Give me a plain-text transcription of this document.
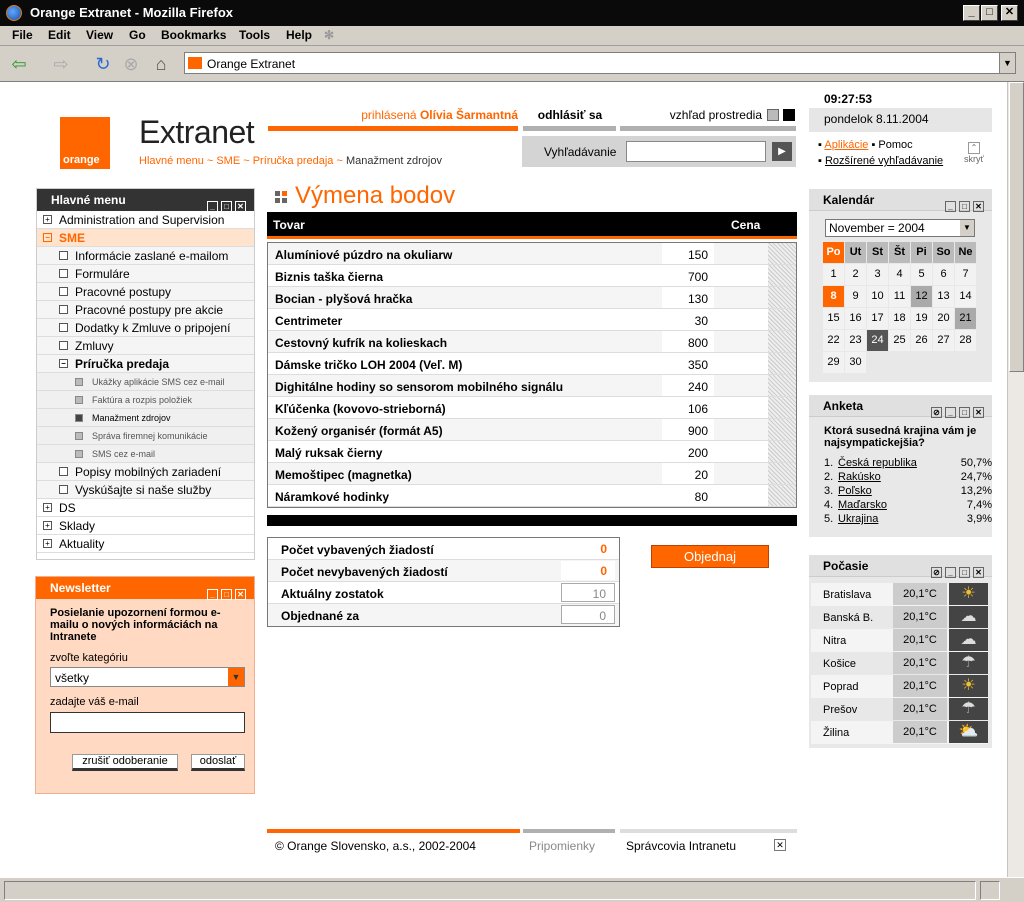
Orange Extranet - Mozilla Firefox	_	□	✕
File Edit View Go Bookmarks Tools Help ✻
⇦ ⇨ ↻ ⊗ ⌂	Orange Extranet	▼
orange
Extranet
Hlavné menu ~ SME ~ Príručka predaja ~ Manažment zdrojov
prihlásená Olívia Šarmantná	odhlásiť sa	vzhľad prostredia
Vyhľadávanie	▶
09:27:53
pondelok 8.11.2004
▪ Aplikácie ▪ Pomoc
▪ Rozšírené vyhľadávanie
⌃
skryť
Hlavné menu	_ □ ✕
+ Administration and Supervision
− SME
Informácie zaslané e-mailom
Formuláre
Pracovné postupy
Pracovné postupy pre akcie
Dodatky k Zmluve o pripojení
Zmluvy
− Príručka predaja
Ukážky aplikácie SMS cez e-mail
Faktúra a rozpis položiek
Manažment zdrojov
Správa firemnej komunikácie
SMS cez e-mail
Popisy mobilných zariadení
Vyskúšajte si naše služby
+ DS
+ Sklady
+ Aktuality
Newsletter	_ □ ✕
Posielanie upozornení formou e-mailu o nových informáciách na Intranete
zvoľte kategóriu
všetky	▼
zadajte váš e-mail
zrušiť odoberanie	odoslať
Výmena bodov
Tovar	Cena
Alumíniové púzdro na okuliarw	150
Biznis taška čierna	700
Bocian - plyšová hračka	130
Centrimeter	30
Cestovný kufrík na kolieskach	800
Dámske tričko LOH 2004 (Veľ. M)	350
Dighitálne hodiny so sensorom mobilného signálu	240
Kľúčenka (kovovo-strieborná)	106
Kožený organisér (formát A5)	900
Malý ruksak čierny	200
Memoštipec (magnetka)	20
Náramkové hodinky	80
Počet vybavených žiadostí	0
Počet nevybavených žiadostí	0
Aktuálny zostatok	10
Objednané za	0
Objednaj
© Orange Slovensko, a.s., 2002-2004	Pripomienky	Správcovia Intranetu	✕
Kalendár	_ □ ✕
November = 2004	▼
Po Ut St	Št	Pi So Ne
1	2	3	4	5	6	7
8	9	10 11 12 13 14
15 16 17 18 19 20 21
22 23 24 25 26 27 28
29 30
Anketa	⊘ _ □ ✕
Ktorá susedná krajina vám je najsympatickejšia?
1. Česká republika	50,7%
2. Rakúsko	24,7%
3. Poľsko	13,2%
4. Maďarsko	7,4%
5. Ukrajina	3,9%
Počasie	⊘ _ □ ✕
Bratislava	20,1°C	☀
Banská B.	20,1°C	☁
Nitra	20,1°C	☁
Košice	20,1°C	☂
Poprad	20,1°C	☀
Prešov	20,1°C	☂
Žilina	20,1°C	⛅
